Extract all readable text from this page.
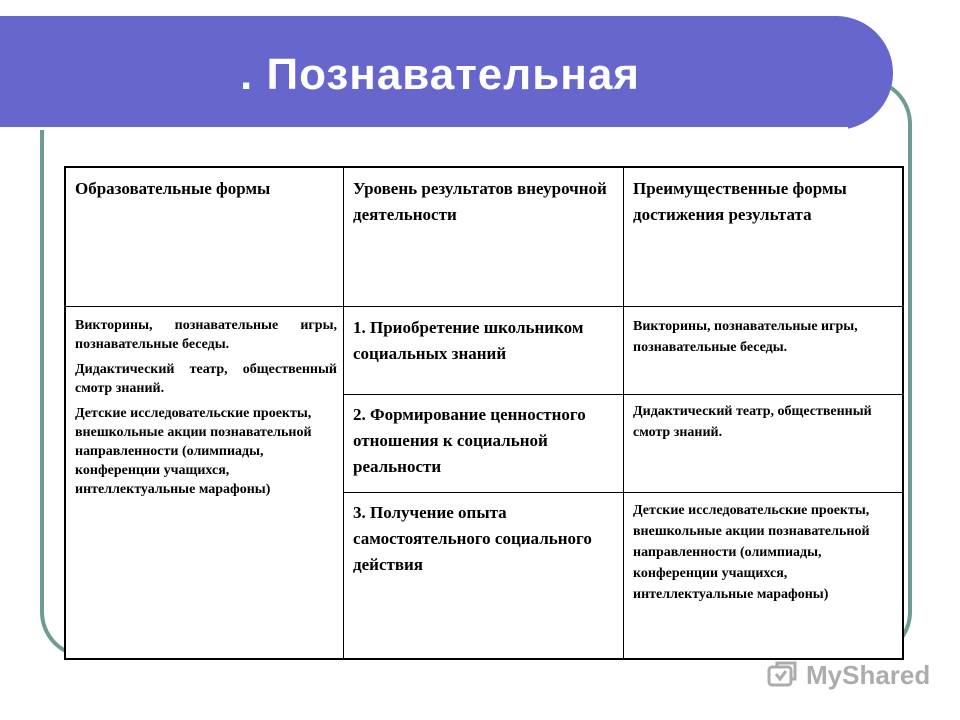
. Познавательная
Образовательные формы	Уровень результатов внеурочной деятельности
Преимущественные формы достижения результата

Викторины, познавательные игры, познавательные беседы.

Дидактический театр, общественный смотр знаний.

Детские исследовательские проекты, внешкольные акции познавательной направленности (олимпиады, конференции учащихся, интеллектуальные марафоны)

1. Приобретение школьником социальных знаний
2. Формирование ценностного отношения к социальной реальности
3. Получение опыта самостоятельного социального действия
Викторины, познавательные игры, познавательные беседы.
Дидактический театр, общественный смотр знаний.
Детские исследовательские проекты, внешкольные акции познавательной направленности (олимпиады, конференции учащихся, интеллектуальные марафоны)
MyShared
